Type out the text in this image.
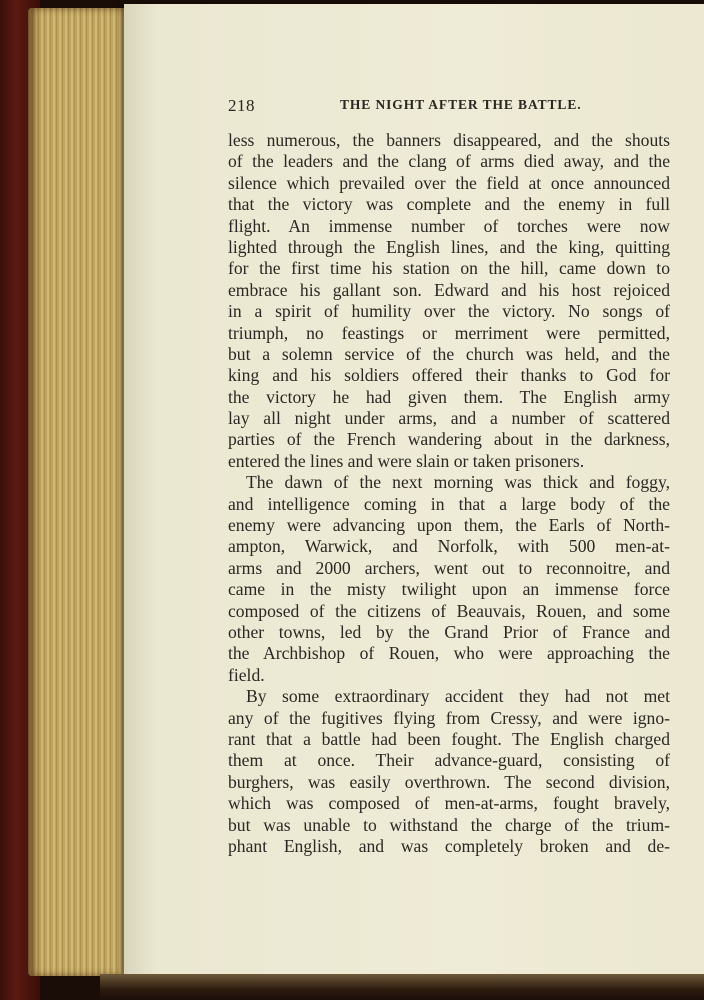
218	THE NIGHT AFTER THE BATTLE.
less numerous, the banners disappeared, and the shouts
of the leaders and the clang of arms died away, and the
silence which prevailed over the field at once announced
that the victory was complete and the enemy in full
flight. An immense number of torches were now
lighted through the English lines, and the king, quitting
for the first time his station on the hill, came down to
embrace his gallant son. Edward and his host rejoiced
in a spirit of humility over the victory. No songs of
triumph, no feastings or merriment were permitted,
but a solemn service of the church was held, and the
king and his soldiers offered their thanks to God for
the victory he had given them. The English army
lay all night under arms, and a number of scattered
parties of the French wandering about in the darkness,
entered the lines and were slain or taken prisoners.
The dawn of the next morning was thick and foggy,
and intelligence coming in that a large body of the
enemy were advancing upon them, the Earls of North-
ampton, Warwick, and Norfolk, with 500 men-at-
arms and 2000 archers, went out to reconnoitre, and
came in the misty twilight upon an immense force
composed of the citizens of Beauvais, Rouen, and some
other towns, led by the Grand Prior of France and
the Archbishop of Rouen, who were approaching the
field.
By some extraordinary accident they had not met
any of the fugitives flying from Cressy, and were igno-
rant that a battle had been fought. The English charged
them at once. Their advance-guard, consisting of
burghers, was easily overthrown. The second division,
which was composed of men-at-arms, fought bravely,
but was unable to withstand the charge of the trium-
phant English, and was completely broken and de-
